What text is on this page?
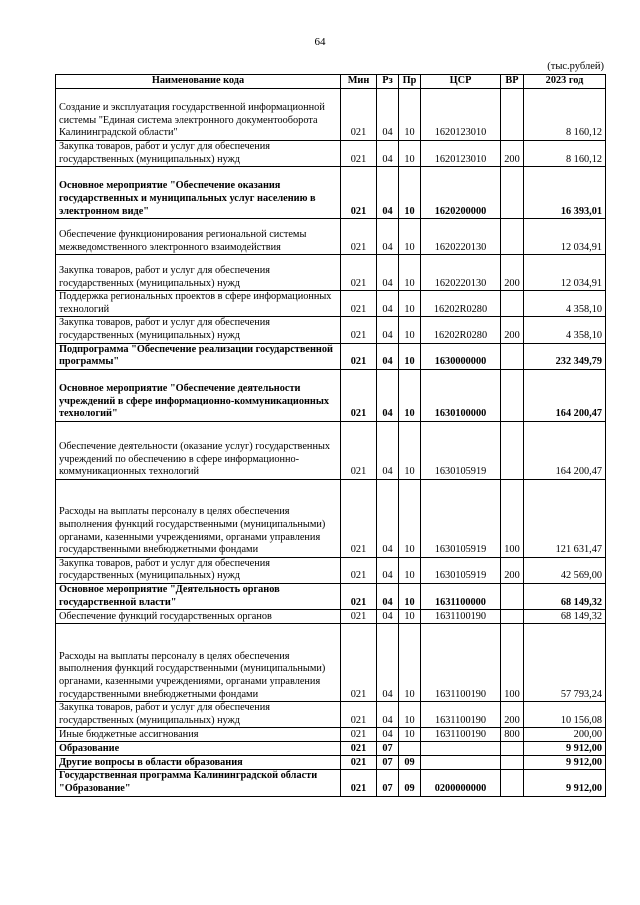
64
(тыс.рублей)
Наименование кода	Мин	Рз	Пр	ЦСР	ВР	2023 год
Создание и эксплуатация государственной информационной системы "Единая система электронного документооборота Калининградской области"	021	04	10	1620123010		8 160,12
Закупка товаров, работ и услуг для обеспечения государственных (муниципальных) нужд	021	04	10	1620123010	200	8 160,12
Основное мероприятие "Обеспечение оказания государственных и муниципальных услуг населению в электронном виде"	021	04	10	1620200000		16 393,01
Обеспечение функционирования региональной системы межведомственного электронного взаимодействия	021	04	10	1620220130		12 034,91
Закупка товаров, работ и услуг для обеспечения государственных (муниципальных) нужд	021	04	10	1620220130	200	12 034,91
Поддержка региональных проектов в сфере информационных технологий	021	04	10	16202R0280		4 358,10
Закупка товаров, работ и услуг для обеспечения государственных (муниципальных) нужд	021	04	10	16202R0280	200	4 358,10
Подпрограмма "Обеспечение реализации государственной программы"	021	04	10	1630000000		232 349,79
Основное мероприятие "Обеспечение деятельности учреждений в сфере информационно-коммуникационных технологий"	021	04	10	1630100000		164 200,47
Обеспечение деятельности (оказание услуг) государственных учреждений по обеспечению в сфере информационно-коммуникационных технологий	021	04	10	1630105919		164 200,47
Расходы на выплаты персоналу в целях обеспечения выполнения функций государственными (муниципальными) органами, казенными учреждениями, органами управления государственными внебюджетными фондами	021	04	10	1630105919	100	121 631,47
Закупка товаров, работ и услуг для обеспечения государственных (муниципальных) нужд	021	04	10	1630105919	200	42 569,00
Основное мероприятие "Деятельность органов государственной власти"	021	04	10	1631100000		68 149,32
Обеспечение функций государственных органов	021	04	10	1631100190		68 149,32
Расходы на выплаты персоналу в целях обеспечения выполнения функций государственными (муниципальными) органами, казенными учреждениями, органами управления государственными внебюджетными фондами	021	04	10	1631100190	100	57 793,24
Закупка товаров, работ и услуг для обеспечения государственных (муниципальных) нужд	021	04	10	1631100190	200	10 156,08
Иные бюджетные ассигнования	021	04	10	1631100190	800	200,00
Образование	021	07				9 912,00
Другие вопросы в области образования	021	07	09			9 912,00
Государственная программа Калининградской области "Образование"	021	07	09	0200000000		9 912,00
